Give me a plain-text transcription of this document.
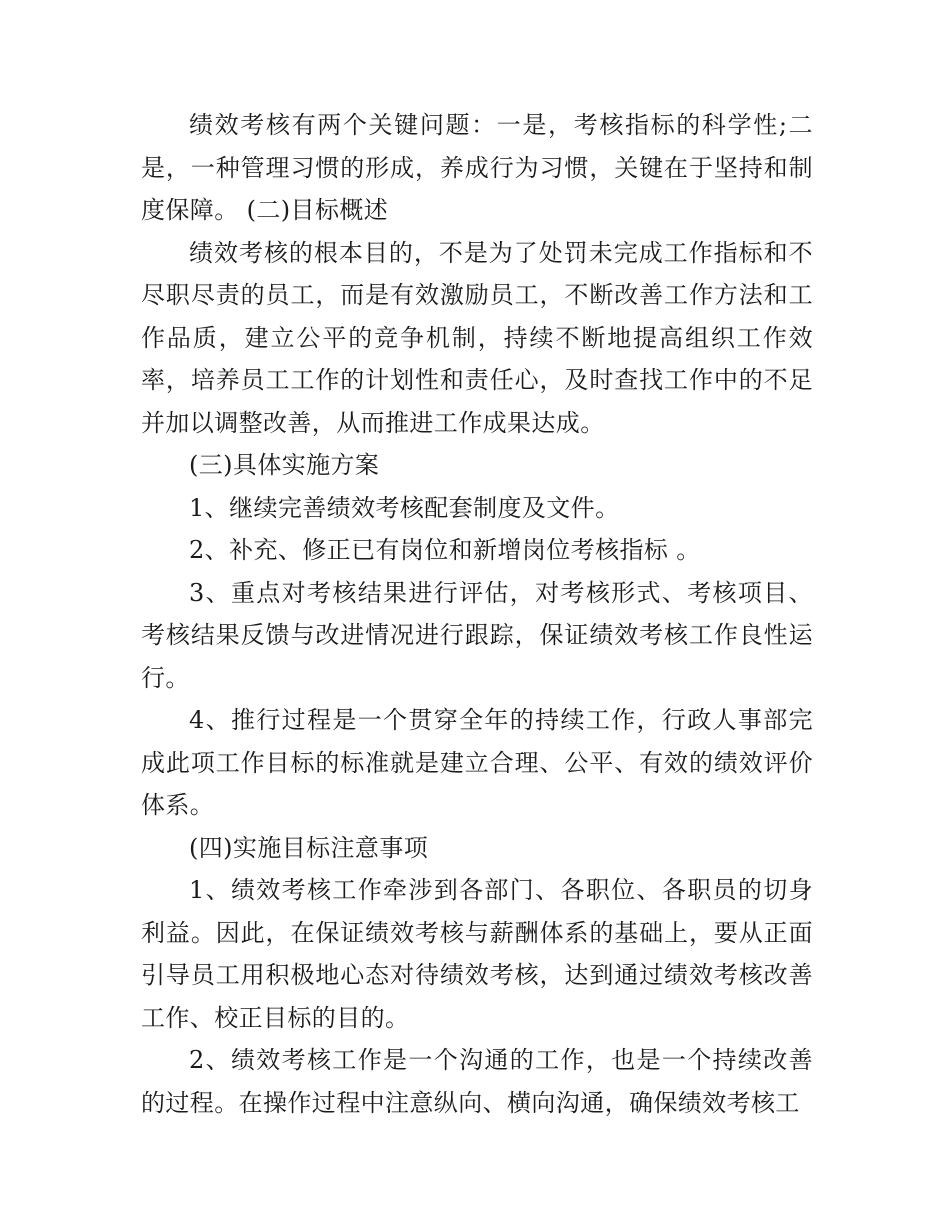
绩效考核有两个关键问题：一是，考核指标的科学性;二是，一种管理习惯的形成，养成行为习惯，关键在于坚持和制度保障。 (二)目标概述

绩效考核的根本目的，不是为了处罚未完成工作指标和不尽职尽责的员工，而是有效激励员工，不断改善工作方法和工作品质，建立公平的竞争机制，持续不断地提高组织工作效率，培养员工工作的计划性和责任心，及时查找工作中的不足并加以调整改善，从而推进工作成果达成。

(三)具体实施方案

1、继续完善绩效考核配套制度及文件。

2、补充、修正已有岗位和新增岗位考核指标 。

3、重点对考核结果进行评估，对考核形式、考核项目、考核结果反馈与改进情况进行跟踪，保证绩效考核工作良性运行。

4、推行过程是一个贯穿全年的持续工作，行政人事部完成此项工作目标的标准就是建立合理、公平、有效的绩效评价体系。

(四)实施目标注意事项

1、绩效考核工作牵涉到各部门、各职位、各职员的切身利益。因此，在保证绩效考核与薪酬体系的基础上，要从正面引导员工用积极地心态对待绩效考核，达到通过绩效考核改善工作、校正目标的目的。

2、绩效考核工作是一个沟通的工作，也是一个持续改善的过程。在操作过程中注意纵向、横向沟通，确保绩效考核工
